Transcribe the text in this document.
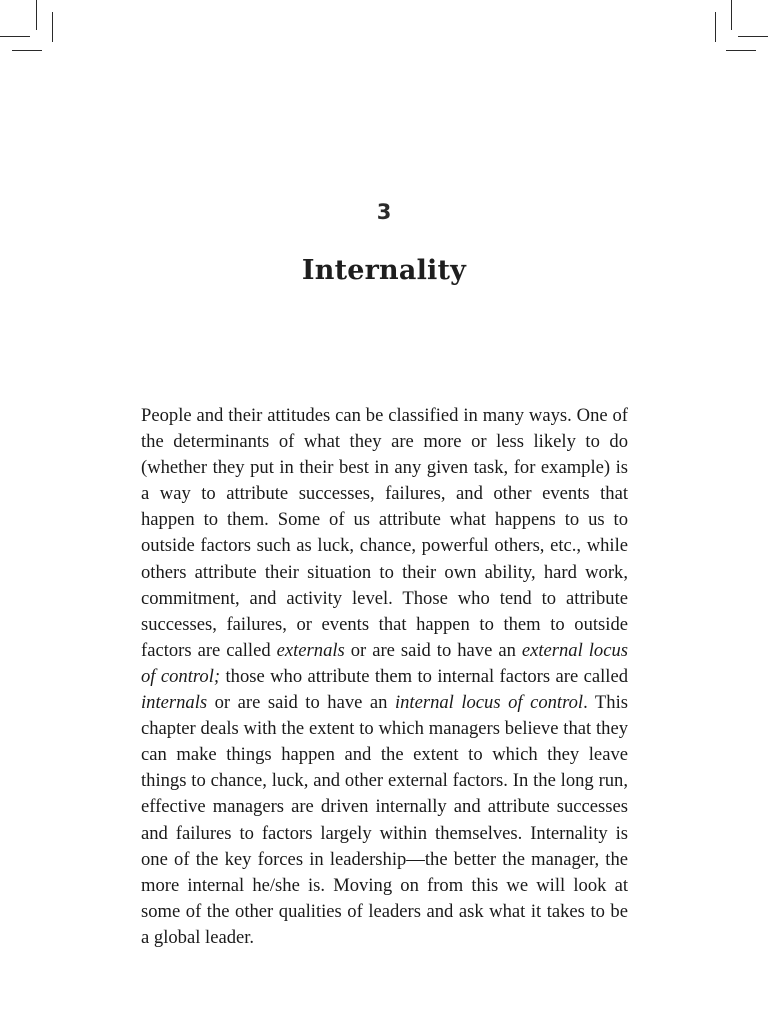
3
Internality

People and their attitudes can be classified in many ways. One of the determinants of what they are more or less likely to do (whether they put in their best in any given task, for example) is a way to attribute successes, failures, and other events that happen to them. Some of us attribute what happens to us to outside factors such as luck, chance, powerful others, etc., while others attribute their situation to their own ability, hard work, commitment, and activity level. Those who tend to attribute successes, failures, or events that happen to them to outside factors are called externals or are said to have an external locus of control; those who attribute them to internal factors are called internals or are said to have an internal locus of control. This chapter deals with the extent to which managers believe that they can make things happen and the extent to which they leave things to chance, luck, and other external factors. In the long run, effective managers are driven internally and attribute successes and failures to factors largely within themselves. Internality is one of the key forces in leadership—the better the manager, the more internal he/she is. Moving on from this we will look at some of the other qualities of leaders and ask what it takes to be a global leader.
